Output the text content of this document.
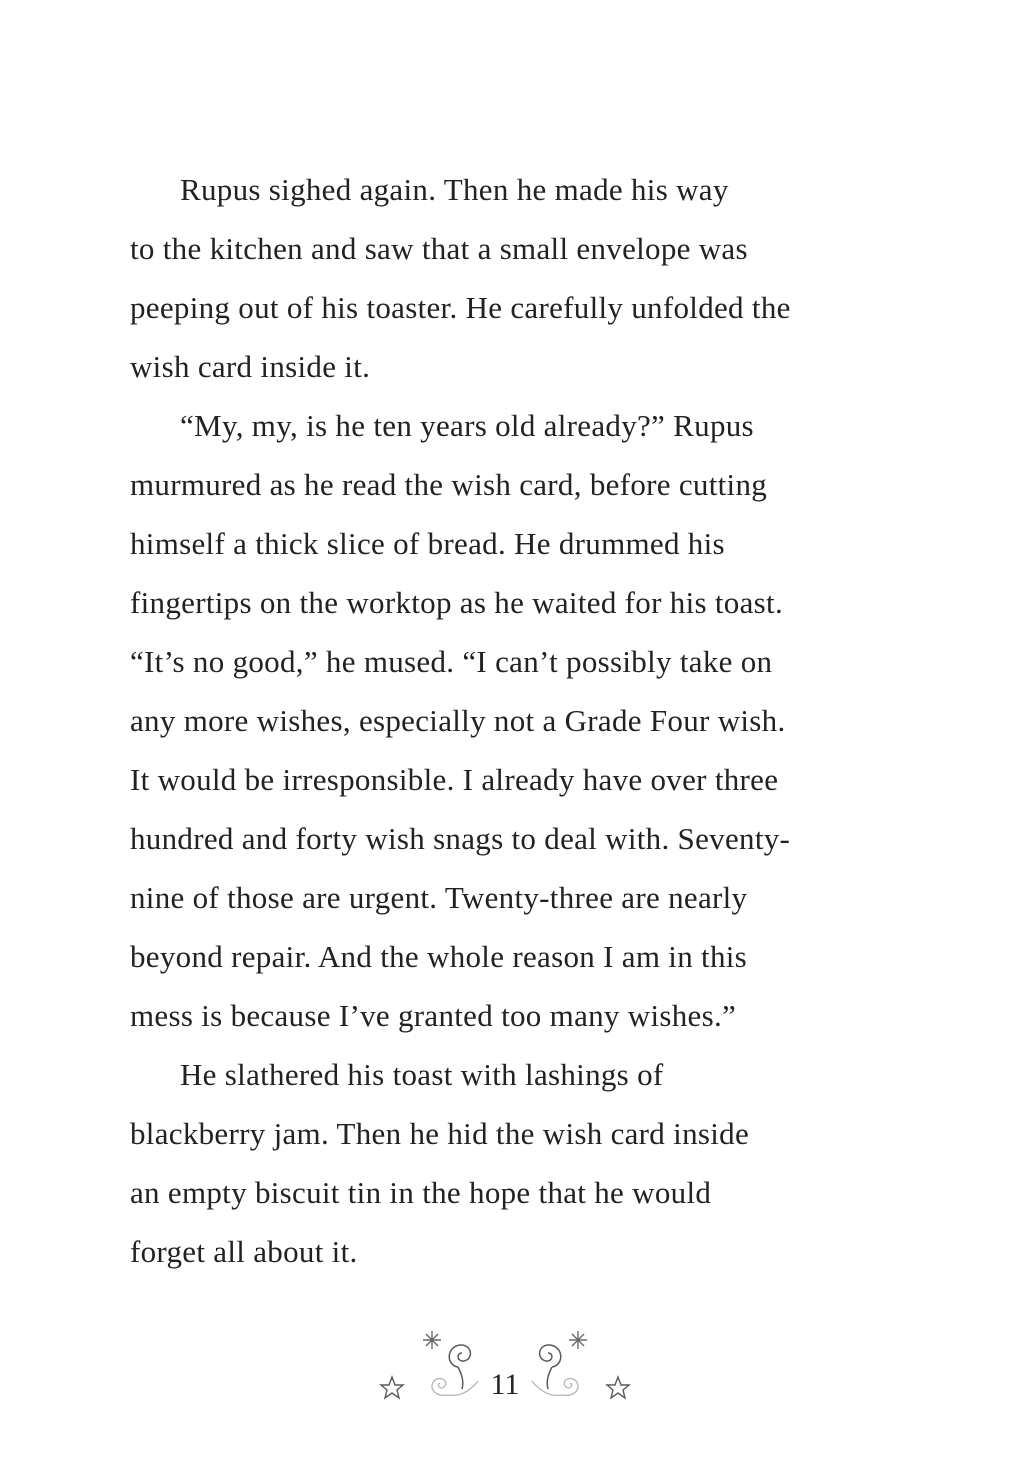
Rupus sighed again. Then he made his way
to the kitchen and saw that a small envelope was
peeping out of his toaster. He carefully unfolded the
wish card inside it.
“My, my, is he ten years old already?” Rupus
murmured as he read the wish card, before cutting
himself a thick slice of bread. He drummed his
fingertips on the worktop as he waited for his toast.
“It’s no good,” he mused. “I can’t possibly take on
any more wishes, especially not a Grade Four wish.
It would be irresponsible. I already have over three
hundred and forty wish snags to deal with. Seventy-
nine of those are urgent. Twenty-three are nearly
beyond repair. And the whole reason I am in this
mess is because I’ve granted too many wishes.”
He slathered his toast with lashings of
blackberry jam. Then he hid the wish card inside
an empty biscuit tin in the hope that he would
forget all about it.
11
